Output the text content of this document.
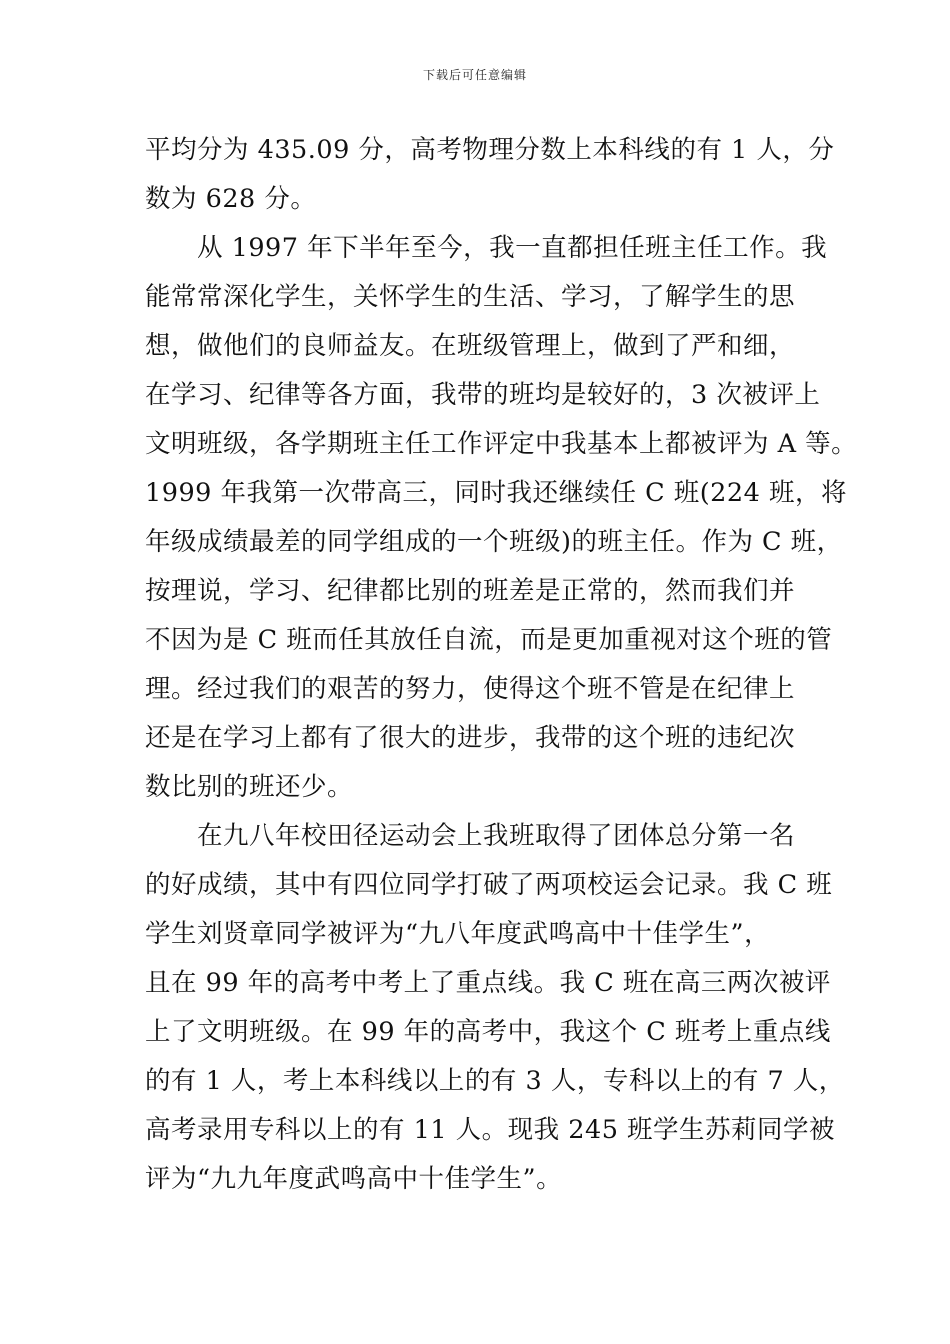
下载后可任意编辑
平均分为 435.09 分，高考物理分数上本科线的有 1 人，分
数为 628 分。
从 1997 年下半年至今，我一直都担任班主任工作。我
能常常深化学生，关怀学生的生活、学习，了解学生的思
想，做他们的良师益友。在班级管理上，做到了严和细，
在学习、纪律等各方面，我带的班均是较好的，3 次被评上
文明班级，各学期班主任工作评定中我基本上都被评为 A 等。
1999 年我第一次带高三，同时我还继续任 C 班(224 班，将
年级成绩最差的同学组成的一个班级)的班主任。作为 C 班，
按理说，学习、纪律都比别的班差是正常的，然而我们并
不因为是 C 班而任其放任自流，而是更加重视对这个班的管
理。经过我们的艰苦的努力，使得这个班不管是在纪律上
还是在学习上都有了很大的进步，我带的这个班的违纪次
数比别的班还少。
在九八年校田径运动会上我班取得了团体总分第一名
的好成绩，其中有四位同学打破了两项校运会记录。我 C 班
学生刘贤章同学被评为“九八年度武鸣高中十佳学生”，
且在 99 年的高考中考上了重点线。我 C 班在高三两次被评
上了文明班级。在 99 年的高考中，我这个 C 班考上重点线
的有 1 人，考上本科线以上的有 3 人，专科以上的有 7 人，
高考录用专科以上的有 11 人。现我 245 班学生苏莉同学被
评为“九九年度武鸣高中十佳学生”。
